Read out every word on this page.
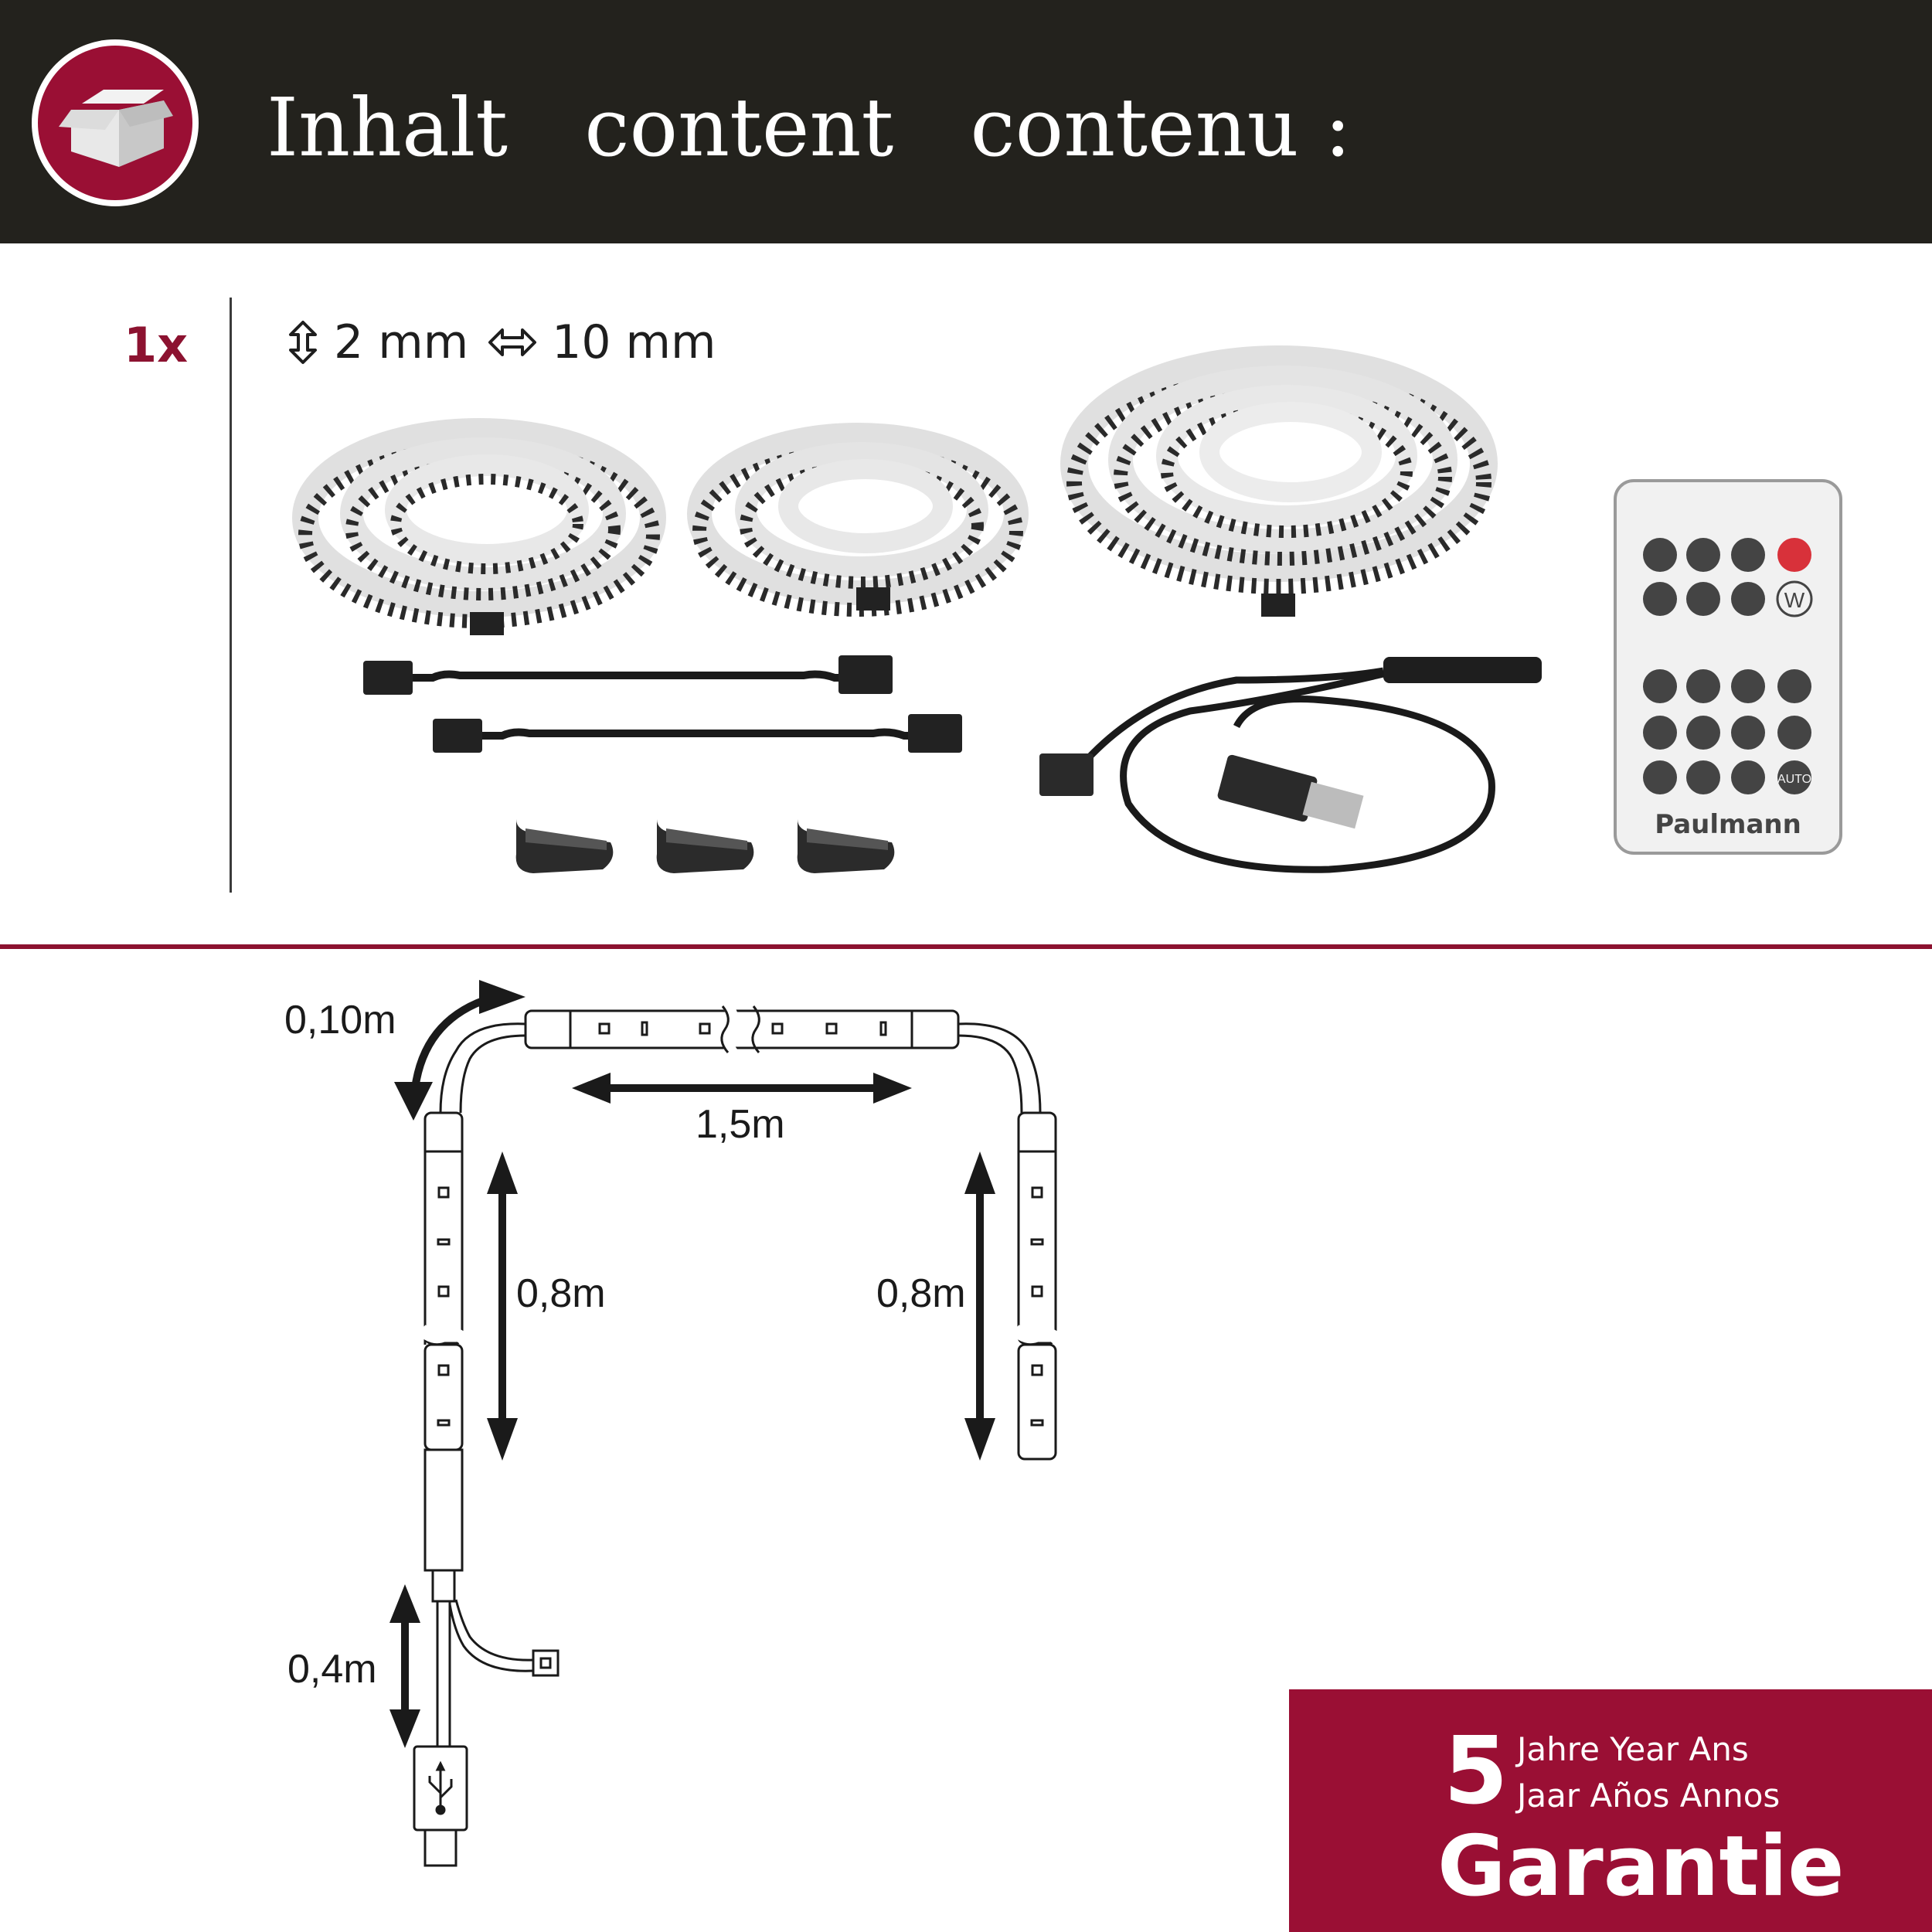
Inhalt   content   contenu :
1x	2 mm 10 mm
W
AUTO
Paulmann
0,10m
1,5m
0,8m	0,8m
0,4m
5 Jahre Year Ans
Jaar Años Annos
Garantie
